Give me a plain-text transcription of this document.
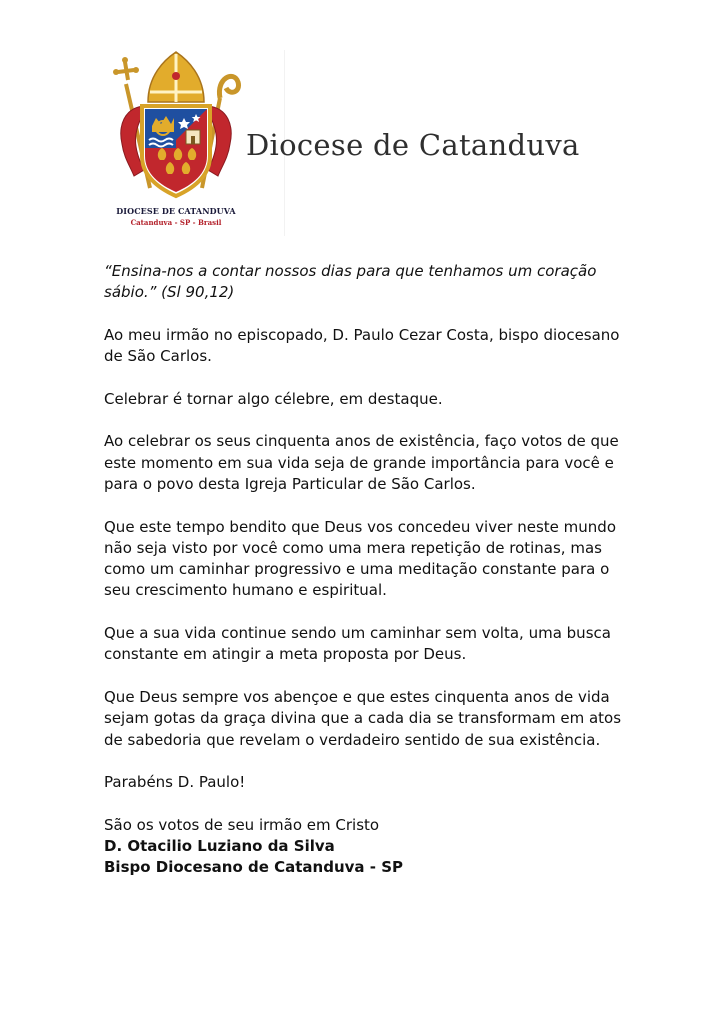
DIOCESE DE CATANDUVA
Catanduva - SP - Brasil
Diocese de Catanduva

“Ensina-nos a contar nossos dias para que tenhamos um coração sábio.” (Sl 90,12)

Ao meu irmão no episcopado, D. Paulo Cezar Costa, bispo diocesano de São Carlos.

Celebrar é tornar algo célebre, em destaque.

Ao celebrar os seus cinquenta anos de existência, faço votos de que este momento em sua vida seja de grande importância para você e para o povo desta Igreja Particular de São Carlos.

Que este tempo bendito que Deus vos concedeu viver neste mundo não seja visto por você como uma mera repetição de rotinas, mas como um caminhar progressivo e uma meditação constante para o seu crescimento humano e espiritual.

Que a sua vida continue sendo um caminhar sem volta, uma busca constante em atingir a meta proposta por Deus.

Que Deus sempre vos abençoe e que estes cinquenta anos de vida sejam gotas da graça divina que a cada dia se transformam em atos de sabedoria que revelam o verdadeiro sentido de sua existência.

Parabéns D. Paulo!

São os votos de seu irmão em Cristo
D. Otacilio Luziano da Silva
Bispo Diocesano de Catanduva - SP
